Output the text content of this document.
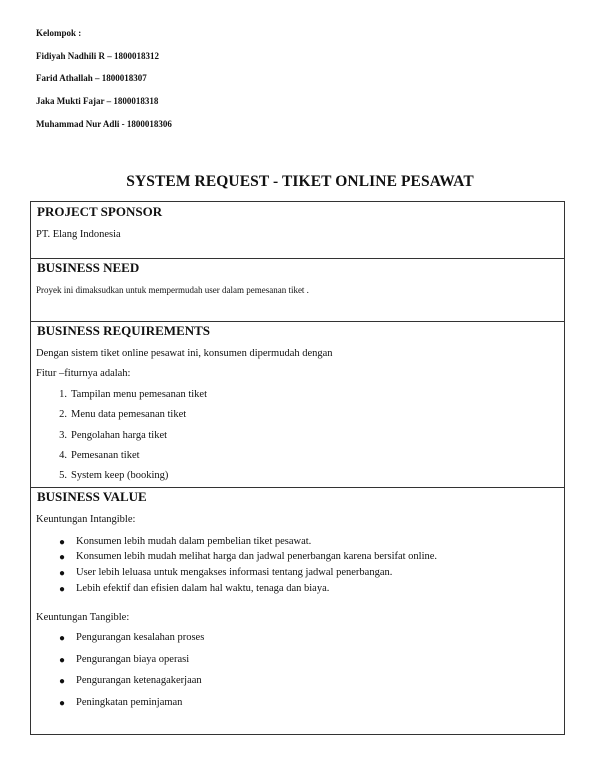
Kelompok :
Fidiyah Nadhili R – 1800018312
Farid Athallah – 1800018307
Jaka Mukti Fajar – 1800018318
Muhammad Nur Adli - 1800018306
SYSTEM REQUEST - TIKET ONLINE PESAWAT
PROJECT SPONSOR
PT. Elang Indonesia
BUSINESS NEED
Proyek ini dimaksudkan untuk mempermudah user dalam pemesanan tiket .
BUSINESS REQUIREMENTS
Dengan sistem tiket online pesawat ini, konsumen dipermudah dengan
Fitur –fiturnya adalah:
1. Tampilan menu pemesanan tiket
2. Menu data pemesanan tiket
3. Pengolahan harga tiket
4. Pemesanan tiket
5. System keep (booking)
BUSINESS VALUE
Keuntungan Intangible:
● Konsumen lebih mudah dalam pembelian tiket pesawat.
● Konsumen lebih mudah melihat harga dan jadwal penerbangan karena bersifat online.
● User lebih leluasa untuk mengakses informasi tentang jadwal penerbangan.
● Lebih efektif dan efisien dalam hal waktu, tenaga dan biaya.
Keuntungan Tangible:
● Pengurangan kesalahan proses
● Pengurangan biaya operasi
● Pengurangan ketenagakerjaan
● Peningkatan peminjaman
